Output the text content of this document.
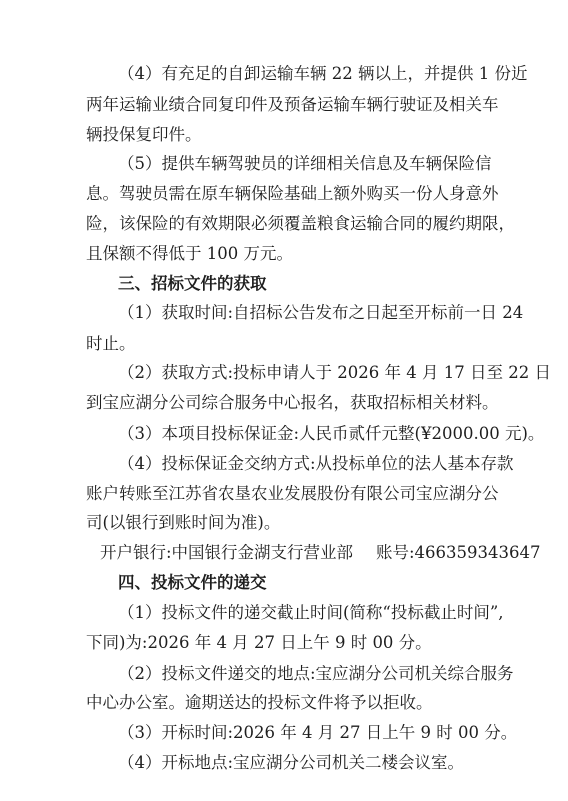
（4）有充足的自卸运输车辆 22 辆以上，并提供 1 份近
两年运输业绩合同复印件及预备运输车辆行驶证及相关车
辆投保复印件。
（5）提供车辆驾驶员的详细相关信息及车辆保险信
息。驾驶员需在原车辆保险基础上额外购买一份人身意外
险，该保险的有效期限必须覆盖粮食运输合同的履约期限，
且保额不得低于 100 万元。
三、招标文件的获取
（1）获取时间:自招标公告发布之日起至开标前一日 24
时止。
（2）获取方式:投标申请人于 2026 年 4 月 17 日至 22 日
到宝应湖分公司综合服务中心报名，获取招标相关材料。
（3）本项目投标保证金:人民币贰仟元整(¥2000.00 元)。
（4）投标保证金交纳方式:从投标单位的法人基本存款
账户转账至江苏省农垦农业发展股份有限公司宝应湖分公
司(以银行到账时间为准)。
开户银行:中国银行金湖支行营业部 账号:466359343647
四、投标文件的递交
（1）投标文件的递交截止时间(简称“投标截止时间”,
下同)为:2026 年 4 月 27 日上午 9 时 00 分。
（2）投标文件递交的地点:宝应湖分公司机关综合服务
中心办公室。逾期送达的投标文件将予以拒收。
（3）开标时间:2026 年 4 月 27 日上午 9 时 00 分。
（4）开标地点:宝应湖分公司机关二楼会议室。
